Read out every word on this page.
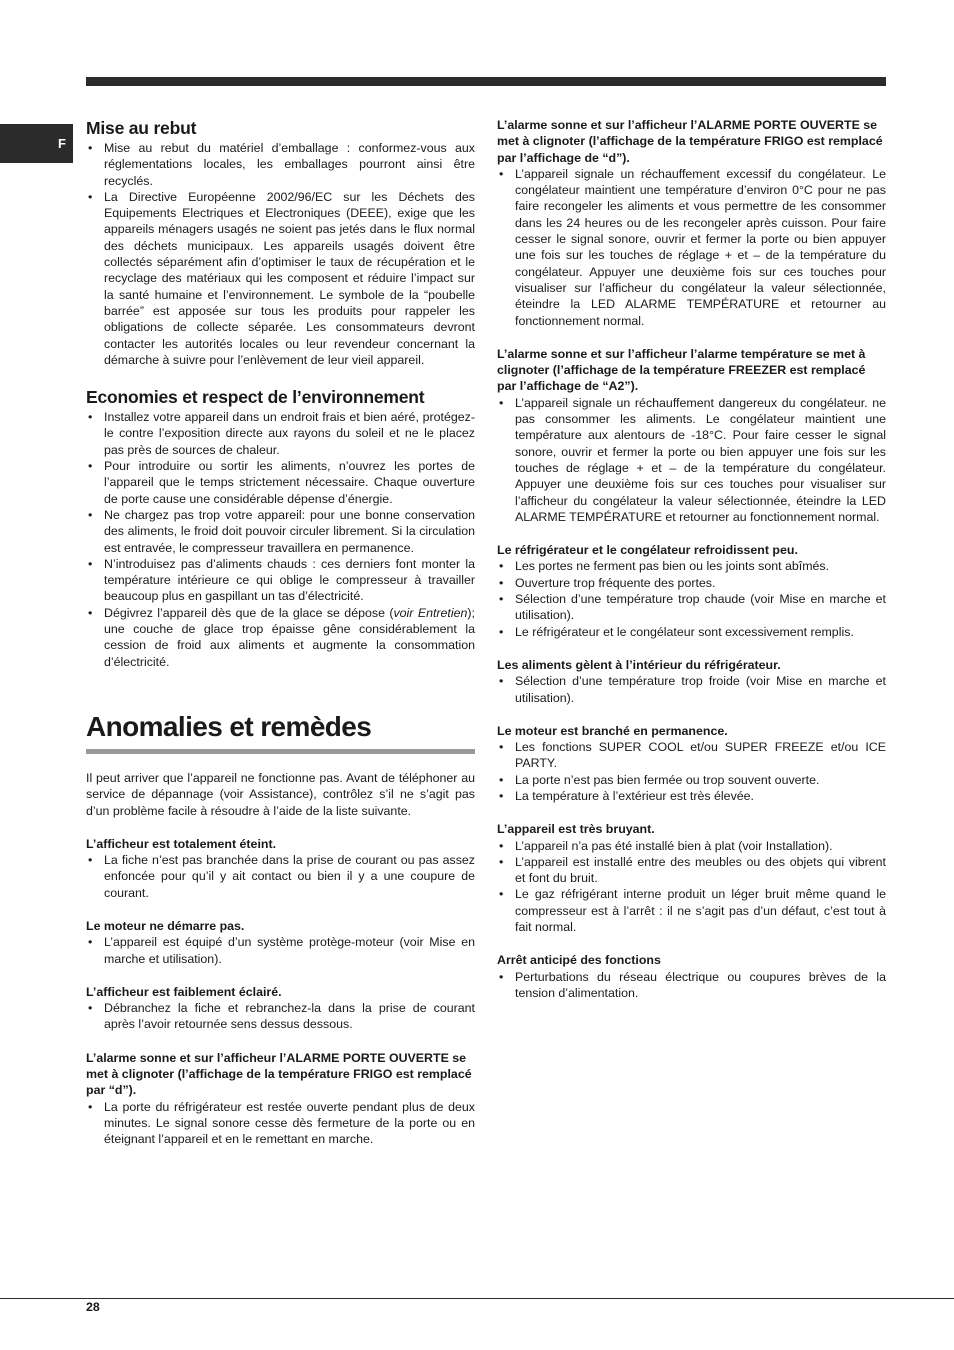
F
Mise au rebut
• Mise au rebut du matériel d’emballage : conformez-vous aux réglementations locales, les emballages pourront ainsi être recyclés.
• La Directive Européenne 2002/96/EC sur les Déchets des Equipements Electriques et Electroniques (DEEE), exige que les appareils ménagers usagés ne soient pas jetés dans le flux normal des déchets municipaux. Les appareils usagés doivent être collectés séparément afin d’optimiser le taux de récupération et le recyclage des matériaux qui les composent et réduire l’impact sur la santé humaine et l’environnement. Le symbole de la “poubelle barrée” est apposée sur tous les produits pour rappeler les obligations de collecte séparée. Les consommateurs devront contacter les autorités locales ou leur revendeur concernant la démarche à suivre pour l’enlèvement de leur vieil appareil.
Economies et respect de l’environnement
• Installez votre appareil dans un endroit frais et bien aéré, protégez-le contre l’exposition directe aux rayons du soleil et ne le placez pas près de sources de chaleur.
• Pour introduire ou sortir les aliments, n’ouvrez les portes de l’appareil que le temps strictement nécessaire. Chaque ouverture de porte cause une considérable dépense d’énergie.
• Ne chargez pas trop votre appareil: pour une bonne conservation des aliments, le froid doit pouvoir circuler librement. Si la circulation est entravée, le compresseur travaillera en permanence.
• N’introduisez pas d’aliments chauds : ces derniers font monter la température intérieure ce qui oblige le compresseur à travailler beaucoup plus en gaspillant un tas d’électricité.
• Dégivrez l’appareil dès que de la glace se dépose (voir Entretien); une couche de glace trop épaisse gêne considérablement la cession de froid aux aliments et augmente la consommation d’électricité.
Anomalies et remèdes

Il peut arriver que l’appareil ne fonctionne pas. Avant de téléphoner au service de dépannage (voir Assistance), contrôlez s’il ne s’agit pas d’un problème facile à résoudre à l’aide de la liste suivante.

L’afficheur est totalement éteint.

• La fiche n’est pas branchée dans la prise de courant ou pas assez enfoncée pour qu’il y ait contact ou bien il y a une coupure de courant.

Le moteur ne démarre pas.

• L’appareil est équipé d’un système protège-moteur (voir Mise en marche et utilisation).

L’afficheur est faiblement éclairé.

• Débranchez la fiche et rebranchez-la dans la prise de courant après l’avoir retournée sens dessus dessous.

L’alarme sonne et sur l’afficheur l’ALARME PORTE OUVERTE se met à clignoter (l’affichage de la température FRIGO est remplacé par “d”).

• La porte du réfrigérateur est restée ouverte pendant plus de deux minutes. Le signal sonore cesse dès fermeture de la porte ou en éteignant l’appareil et en le remettant en marche.

L’alarme sonne et sur l’afficheur l’ALARME PORTE OUVERTE se met à clignoter (l’affichage de la température FRIGO est remplacé par l’affichage de “d”).

• L’appareil signale un réchauffement excessif du congélateur. Le congélateur maintient une température d’environ 0°C pour ne pas faire recongeler les aliments et vous permettre de les consommer dans les 24 heures ou de les recongeler après cuisson. Pour faire cesser le signal sonore, ouvrir et fermer la porte ou bien appuyer une fois sur les touches de réglage + et – de la température du congélateur. Appuyer une deuxième fois sur ces touches pour visualiser sur l’afficheur du congélateur la valeur sélectionnée, éteindre la LED ALARME TEMPÉRATURE et retourner au fonctionnement normal.

L’alarme sonne et sur l’afficheur l’alarme température se met à clignoter (l’affichage de la température FREEZER est remplacé par l’affichage de “A2”).

• L’appareil signale un réchauffement dangereux du congélateur. ne pas consommer les aliments. Le congélateur maintient une température aux alentours de -18°C. Pour faire cesser le signal sonore, ouvrir et fermer la porte ou bien appuyer une fois sur les touches de réglage + et – de la température du congélateur. Appuyer une deuxième fois sur ces touches pour visualiser sur l’afficheur du congélateur la valeur sélectionnée, éteindre la LED ALARME TEMPÉRATURE et retourner au fonctionnement normal.

Le réfrigérateur et le congélateur refroidissent peu.

• Les portes ne ferment pas bien ou les joints sont abîmés.
• Ouverture trop fréquente des portes.
• Sélection d’une température trop chaude (voir Mise en marche et utilisation).
• Le réfrigérateur et le congélateur sont excessivement remplis.

Les aliments gèlent à l’intérieur du réfrigérateur.

• Sélection d’une température trop froide (voir Mise en marche et utilisation).

Le moteur est branché en permanence.

• Les fonctions SUPER COOL et/ou SUPER FREEZE et/ou ICE PARTY.
• La porte n’est pas bien fermée ou trop souvent ouverte.
• La température à l’extérieur est très élevée.

L’appareil est très bruyant.

• L’appareil n’a pas été installé bien à plat (voir Installation).
• L’appareil est installé entre des meubles ou des objets qui vibrent et font du bruit.
• Le gaz réfrigérant interne produit un léger bruit même quand le compresseur est à l’arrêt : il ne s’agit pas d’un défaut, c’est tout à fait normal.

Arrêt anticipé des fonctions

• Perturbations du réseau électrique ou coupures brèves de la tension d’alimentation.
28
